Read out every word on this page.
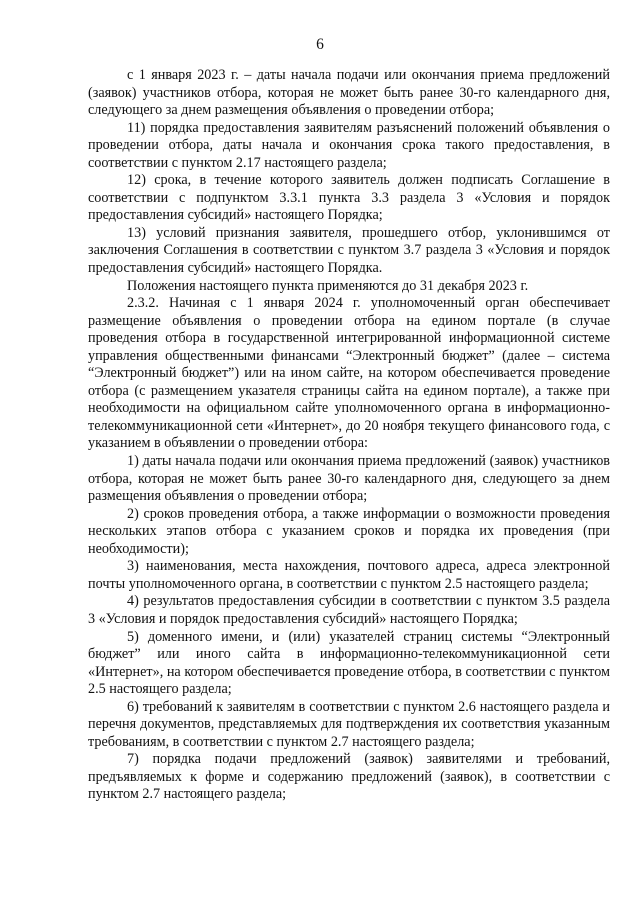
6

с 1 января 2023 г. – даты начала подачи или окончания приема предложений (заявок) участников отбора, которая не может быть ранее 30-го календарного дня, следующего за днем размещения объявления о проведении отбора;

11) порядка предоставления заявителям разъяснений положений объявления о проведении отбора, даты начала и окончания срока такого предоставления, в соответствии с пунктом 2.17 настоящего раздела;

12) срока, в течение которого заявитель должен подписать Соглашение в соответствии с подпунктом 3.3.1 пункта 3.3 раздела 3 «Условия и порядок предоставления субсидий» настоящего Порядка;

13) условий признания заявителя, прошедшего отбор, уклонившимся от заключения Соглашения в соответствии с пунктом 3.7 раздела 3 «Условия и порядок предоставления субсидий» настоящего Порядка.

Положения настоящего пункта применяются до 31 декабря 2023 г.

2.3.2. Начиная с 1 января 2024 г. уполномоченный орган обеспечивает размещение объявления о проведении отбора на едином портале (в случае проведения отбора в государственной интегрированной информационной системе управления общественными финансами “Электронный бюджет” (далее – система “Электронный бюджет”) или на ином сайте, на котором обеспечивается проведение отбора (с размещением указателя страницы сайта на едином портале), а также при необходимости на официальном сайте уполномоченного органа в информационно-телекоммуникационной сети «Интернет», до 20 ноября текущего финансового года, с указанием в объявлении о проведении отбора:

1) даты начала подачи или окончания приема предложений (заявок) участников отбора, которая не может быть ранее 30-го календарного дня, следующего за днем размещения объявления о проведении отбора;

2) сроков проведения отбора, а также информации о возможности проведения нескольких этапов отбора с указанием сроков и порядка их проведения (при необходимости);

3) наименования, места нахождения, почтового адреса, адреса электронной почты уполномоченного органа, в соответствии с пунктом 2.5 настоящего раздела;

4) результатов предоставления субсидии в соответствии с пунктом 3.5 раздела 3 «Условия и порядок предоставления субсидий» настоящего Порядка;

5) доменного имени, и (или) указателей страниц системы “Электронный бюджет” или иного сайта в информационно-телекоммуникационной сети «Интернет», на котором обеспечивается проведение отбора, в соответствии с пунктом 2.5 настоящего раздела;

6) требований к заявителям в соответствии с пунктом 2.6 настоящего раздела и перечня документов, представляемых для подтверждения их соответствия указанным требованиям, в соответствии с пунктом 2.7 настоящего раздела;

7) порядка подачи предложений (заявок) заявителями и требований, предъявляемых к форме и содержанию предложений (заявок), в соответствии с пунктом 2.7 настоящего раздела;
